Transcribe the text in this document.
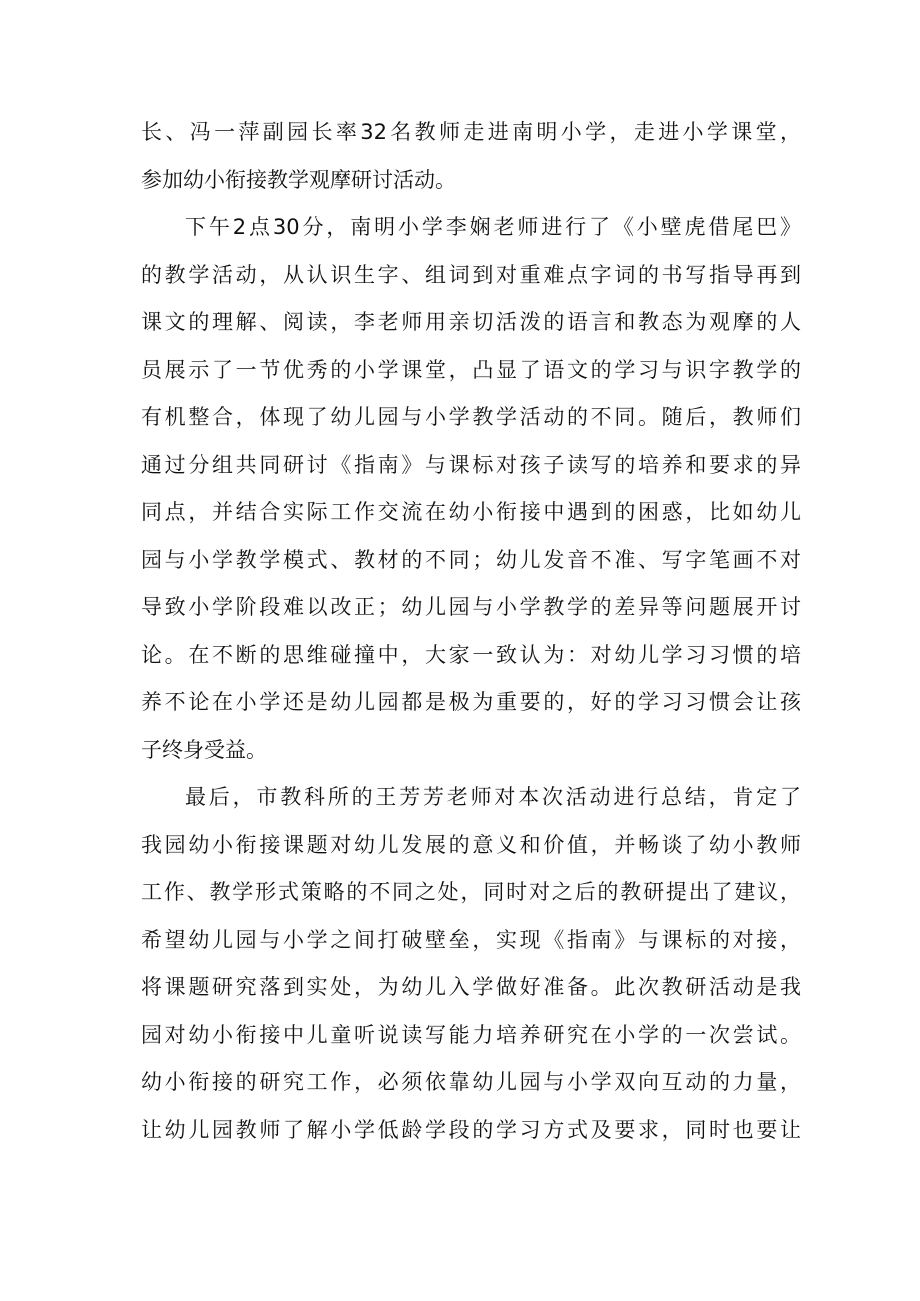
长、冯一萍副园长率32名教师走进南明小学，走进小学课堂，
参加幼小衔接教学观摩研讨活动。
下午2点30分，南明小学李娴老师进行了《小壁虎借尾巴》
的教学活动，从认识生字、组词到对重难点字词的书写指导再到
课文的理解、阅读，李老师用亲切活泼的语言和教态为观摩的人
员展示了一节优秀的小学课堂，凸显了语文的学习与识字教学的
有机整合，体现了幼儿园与小学教学活动的不同。随后，教师们
通过分组共同研讨《指南》与课标对孩子读写的培养和要求的异
同点，并结合实际工作交流在幼小衔接中遇到的困惑，比如幼儿
园与小学教学模式、教材的不同；幼儿发音不准、写字笔画不对
导致小学阶段难以改正；幼儿园与小学教学的差异等问题展开讨
论。在不断的思维碰撞中，大家一致认为：对幼儿学习习惯的培
养不论在小学还是幼儿园都是极为重要的，好的学习习惯会让孩
子终身受益。
最后，市教科所的王芳芳老师对本次活动进行总结，肯定了
我园幼小衔接课题对幼儿发展的意义和价值，并畅谈了幼小教师
工作、教学形式策略的不同之处，同时对之后的教研提出了建议，
希望幼儿园与小学之间打破壁垒，实现《指南》与课标的对接，
将课题研究落到实处，为幼儿入学做好准备。此次教研活动是我
园对幼小衔接中儿童听说读写能力培养研究在小学的一次尝试。
幼小衔接的研究工作，必须依靠幼儿园与小学双向互动的力量，
让幼儿园教师了解小学低龄学段的学习方式及要求，同时也要让
